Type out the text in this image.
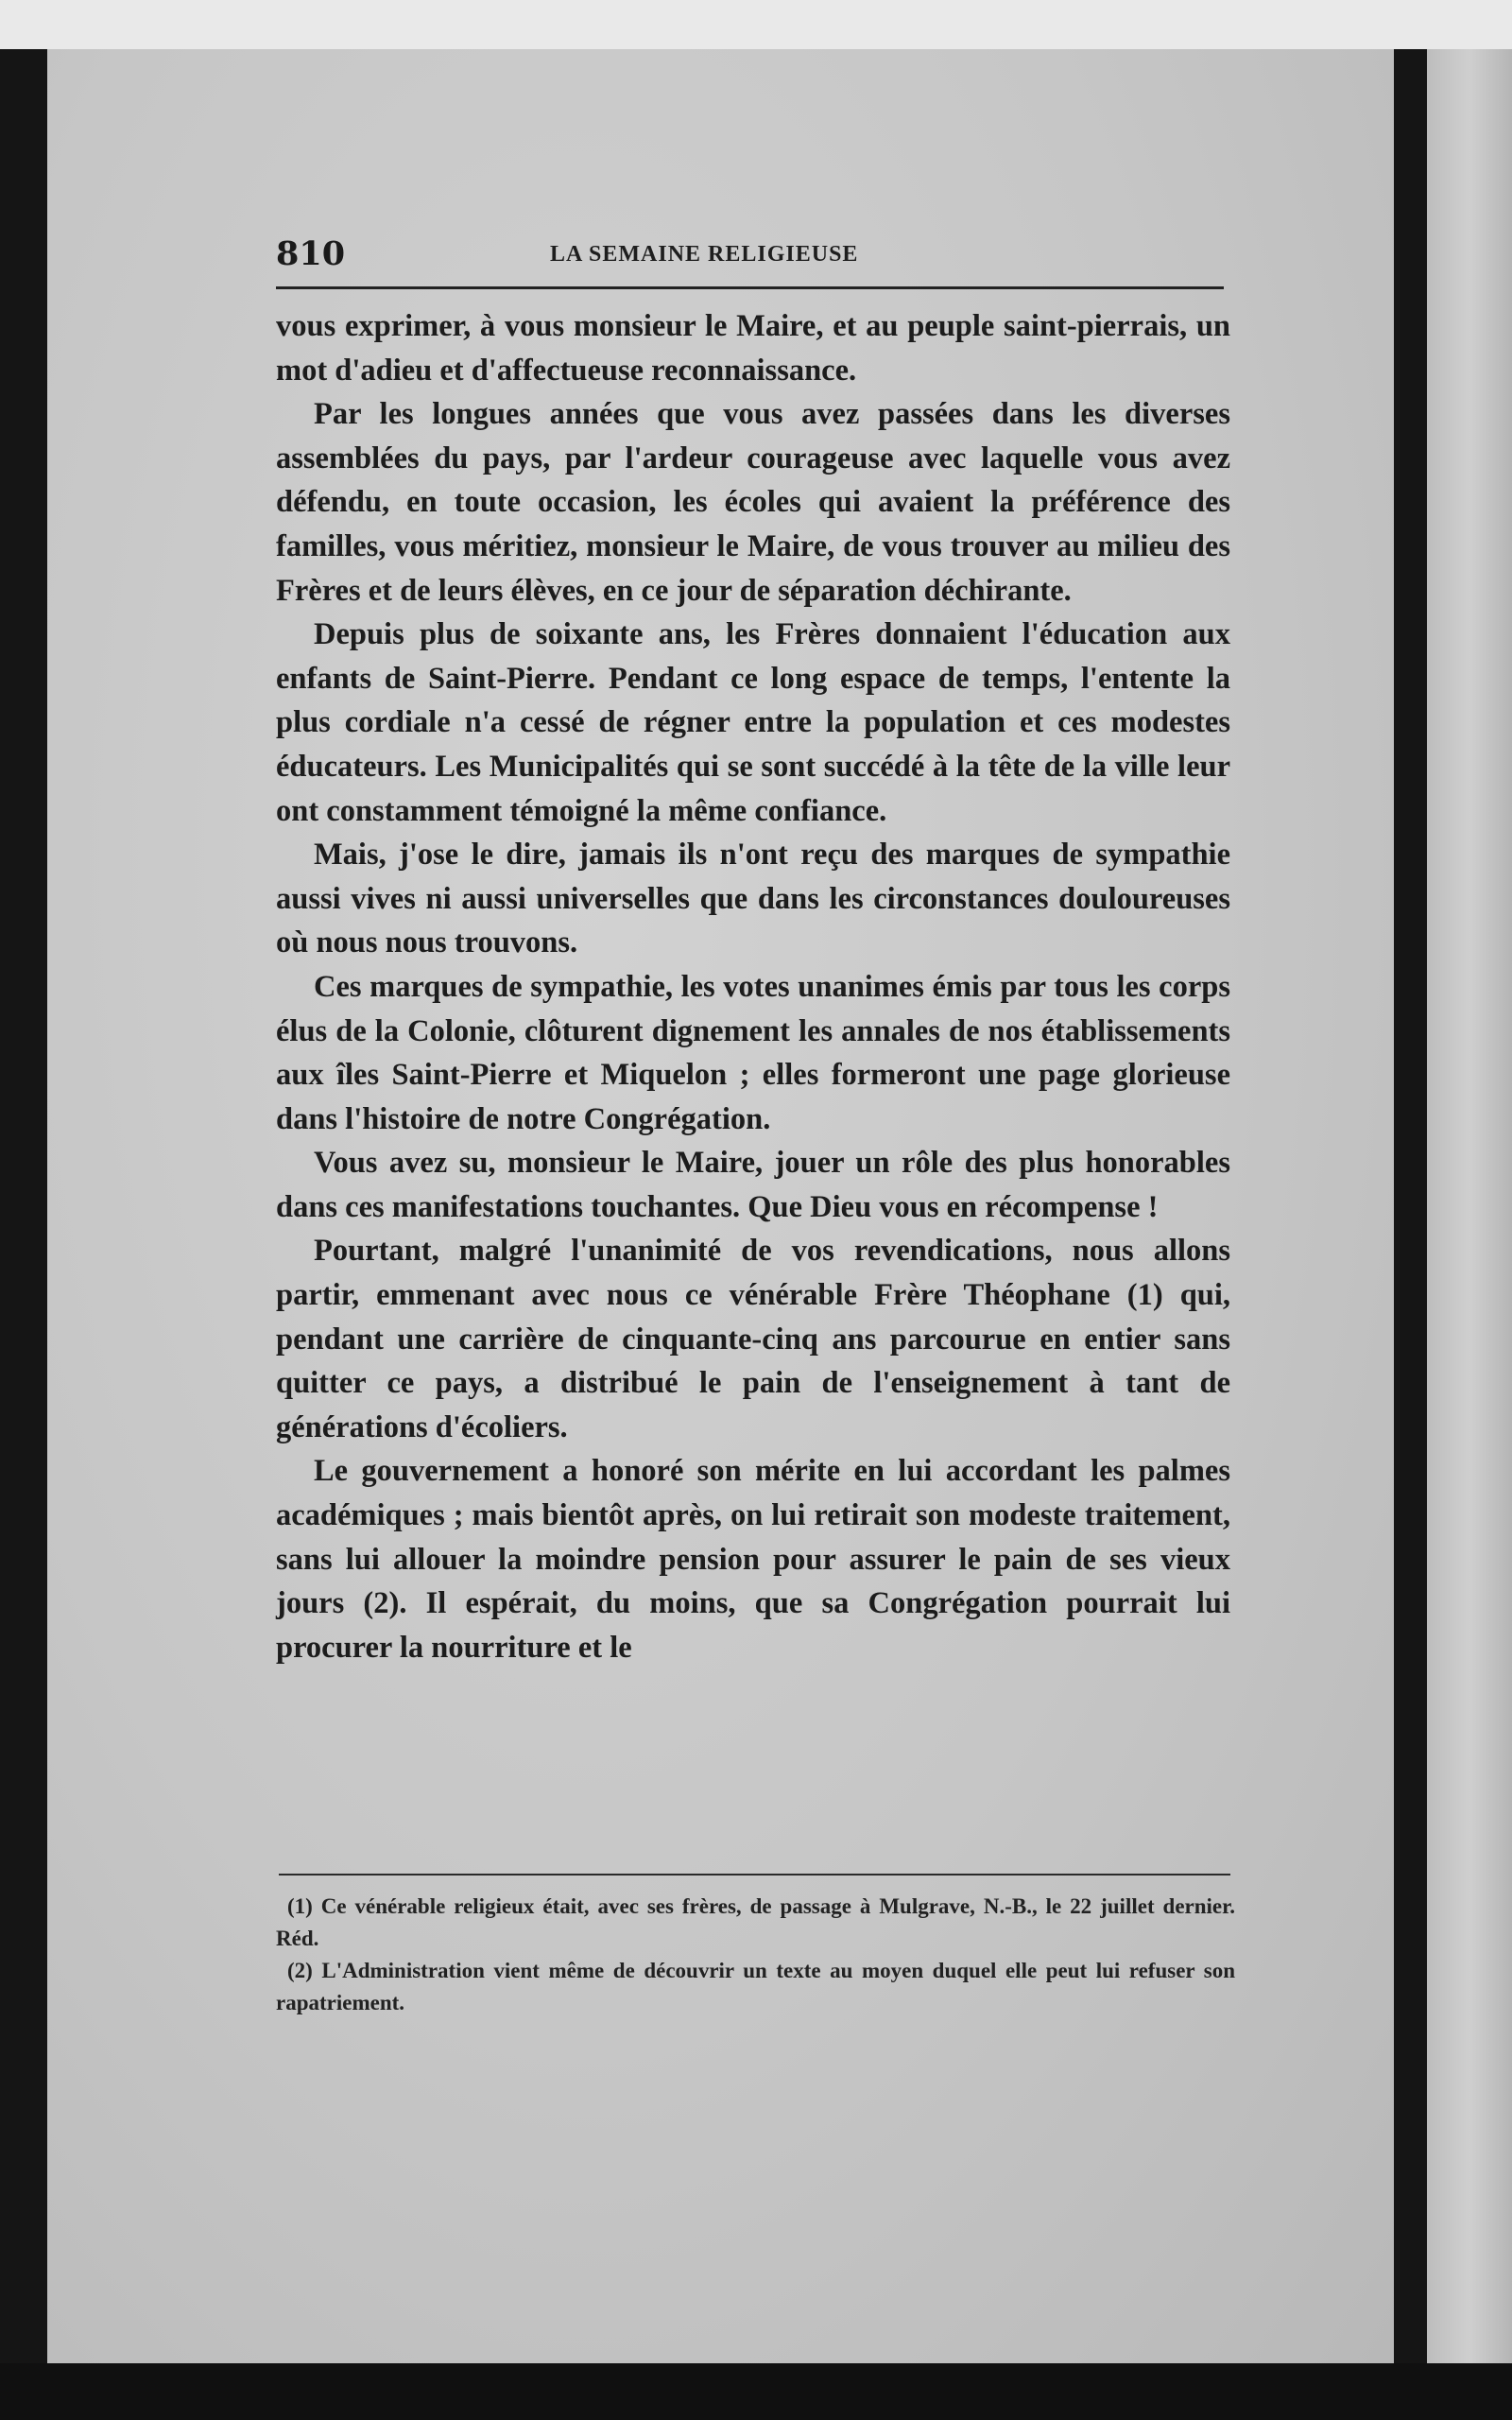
810	LA SEMAINE RELIGIEUSE

vous exprimer, à vous monsieur le Maire, et au peuple saint-pierrais, un mot d'adieu et d'affectueuse reconnaissance.

Par les longues années que vous avez passées dans les diverses assemblées du pays, par l'ardeur courageuse avec laquelle vous avez défendu, en toute occasion, les écoles qui avaient la préférence des familles, vous méritiez, monsieur le Maire, de vous trouver au milieu des Frères et de leurs élèves, en ce jour de séparation déchirante.

Depuis plus de soixante ans, les Frères donnaient l'éducation aux enfants de Saint-Pierre. Pendant ce long espace de temps, l'entente la plus cordiale n'a cessé de régner entre la population et ces modestes éducateurs. Les Municipalités qui se sont succédé à la tête de la ville leur ont constamment témoigné la même confiance.

Mais, j'ose le dire, jamais ils n'ont reçu des marques de sympathie aussi vives ni aussi universelles que dans les circonstances douloureuses où nous nous trouvons.

Ces marques de sympathie, les votes unanimes émis par tous les corps élus de la Colonie, clôturent dignement les annales de nos établissements aux îles Saint-Pierre et Miquelon ; elles formeront une page glorieuse dans l'histoire de notre Congrégation.

Vous avez su, monsieur le Maire, jouer un rôle des plus honorables dans ces manifestations touchantes. Que Dieu vous en récompense !

Pourtant, malgré l'unanimité de vos revendications, nous allons partir, emmenant avec nous ce vénérable Frère Théophane (1) qui, pendant une carrière de cinquante-cinq ans parcourue en entier sans quitter ce pays, a distribué le pain de l'enseignement à tant de générations d'écoliers.

Le gouvernement a honoré son mérite en lui accordant les palmes académiques ; mais bientôt après, on lui retirait son modeste traitement, sans lui allouer la moindre pension pour assurer le pain de ses vieux jours (2). Il espérait, du moins, que sa Congrégation pourrait lui procurer la nourriture et le

(1) Ce vénérable religieux était, avec ses frères, de passage à Mulgrave, N.-B., le 22 juillet dernier. Réd.

(2) L'Administration vient même de découvrir un texte au moyen duquel elle peut lui refuser son rapatriement.
